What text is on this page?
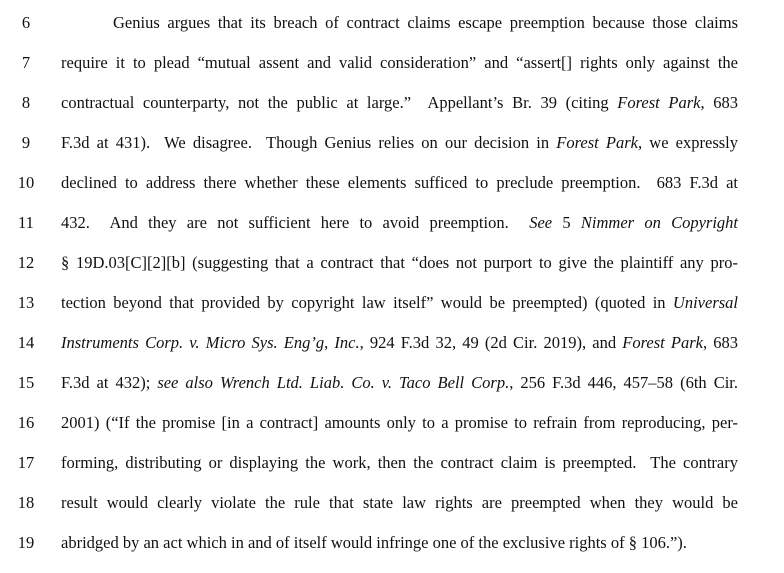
6	Genius argues that its breach of contract claims escape preemption because those claims
7	require it to plead “mutual assent and valid consideration” and “assert[] rights only against the
8	contractual counterparty, not the public at large.”  Appellant’s Br. 39 (citing Forest Park, 683
9	F.3d at 431).  We disagree.  Though Genius relies on our decision in Forest Park, we expressly
10	declined to address there whether these elements sufficed to preclude preemption.  683 F.3d at
11	432.  And they are not sufficient here to avoid preemption.  See 5 Nimmer on Copyright
12	§ 19D.03[C][2][b] (suggesting that a contract that “does not purport to give the plaintiff any pro-
13	tection beyond that provided by copyright law itself” would be preempted) (quoted in Universal
14	Instruments Corp. v. Micro Sys. Eng’g, Inc., 924 F.3d 32, 49 (2d Cir. 2019), and Forest Park, 683
15	F.3d at 432); see also Wrench Ltd. Liab. Co. v. Taco Bell Corp., 256 F.3d 446, 457–58 (6th Cir.
16	2001) (“If the promise [in a contract] amounts only to a promise to refrain from reproducing, per-
17	forming, distributing or displaying the work, then the contract claim is preempted.  The contrary
18	result would clearly violate the rule that state law rights are preempted when they would be
19	abridged by an act which in and of itself would infringe one of the exclusive rights of § 106.”).
